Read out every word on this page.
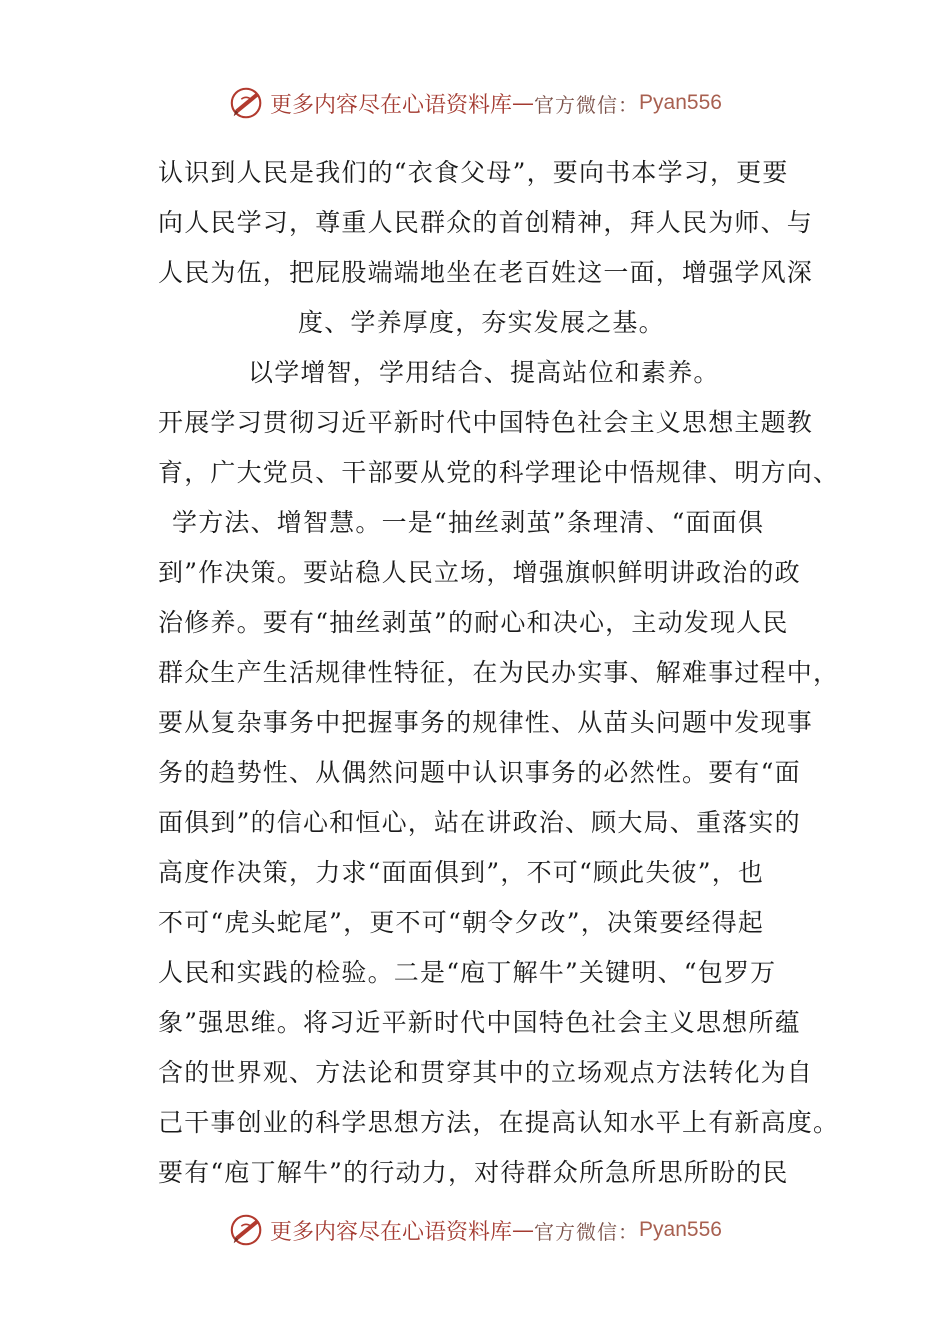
更多内容尽在心语资料库 — 官方微信： Pyan556
认识到人民是我们的“衣食父母”，要向书本学习，更要
向人民学习，尊重人民群众的首创精神，拜人民为师、与
人民为伍，把屁股端端地坐在老百姓这一面，增强学风深
度、学养厚度，夯实发展之基。
以学增智，学用结合、提高站位和素养。
开展学习贯彻习近平新时代中国特色社会主义思想主题教
育，广大党员、干部要从党的科学理论中悟规律、明方向、
学方法、增智慧。一是“抽丝剥茧”条理清、“面面俱
到”作决策。要站稳人民立场，增强旗帜鲜明讲政治的政
治修养。要有“抽丝剥茧”的耐心和决心，主动发现人民
群众生产生活规律性特征，在为民办实事、解难事过程中，
要从复杂事务中把握事务的规律性、从苗头问题中发现事
务的趋势性、从偶然问题中认识事务的必然性。要有“面
面俱到”的信心和恒心，站在讲政治、顾大局、重落实的
高度作决策，力求“面面俱到”，不可“顾此失彼”，也
不可“虎头蛇尾”，更不可“朝令夕改”，决策要经得起
人民和实践的检验。二是“庖丁解牛”关键明、“包罗万
象”强思维。将习近平新时代中国特色社会主义思想所蕴
含的世界观、方法论和贯穿其中的立场观点方法转化为自
己干事创业的科学思想方法，在提高认知水平上有新高度。
要有“庖丁解牛”的行动力，对待群众所急所思所盼的民
更多内容尽在心语资料库 — 官方微信： Pyan556
